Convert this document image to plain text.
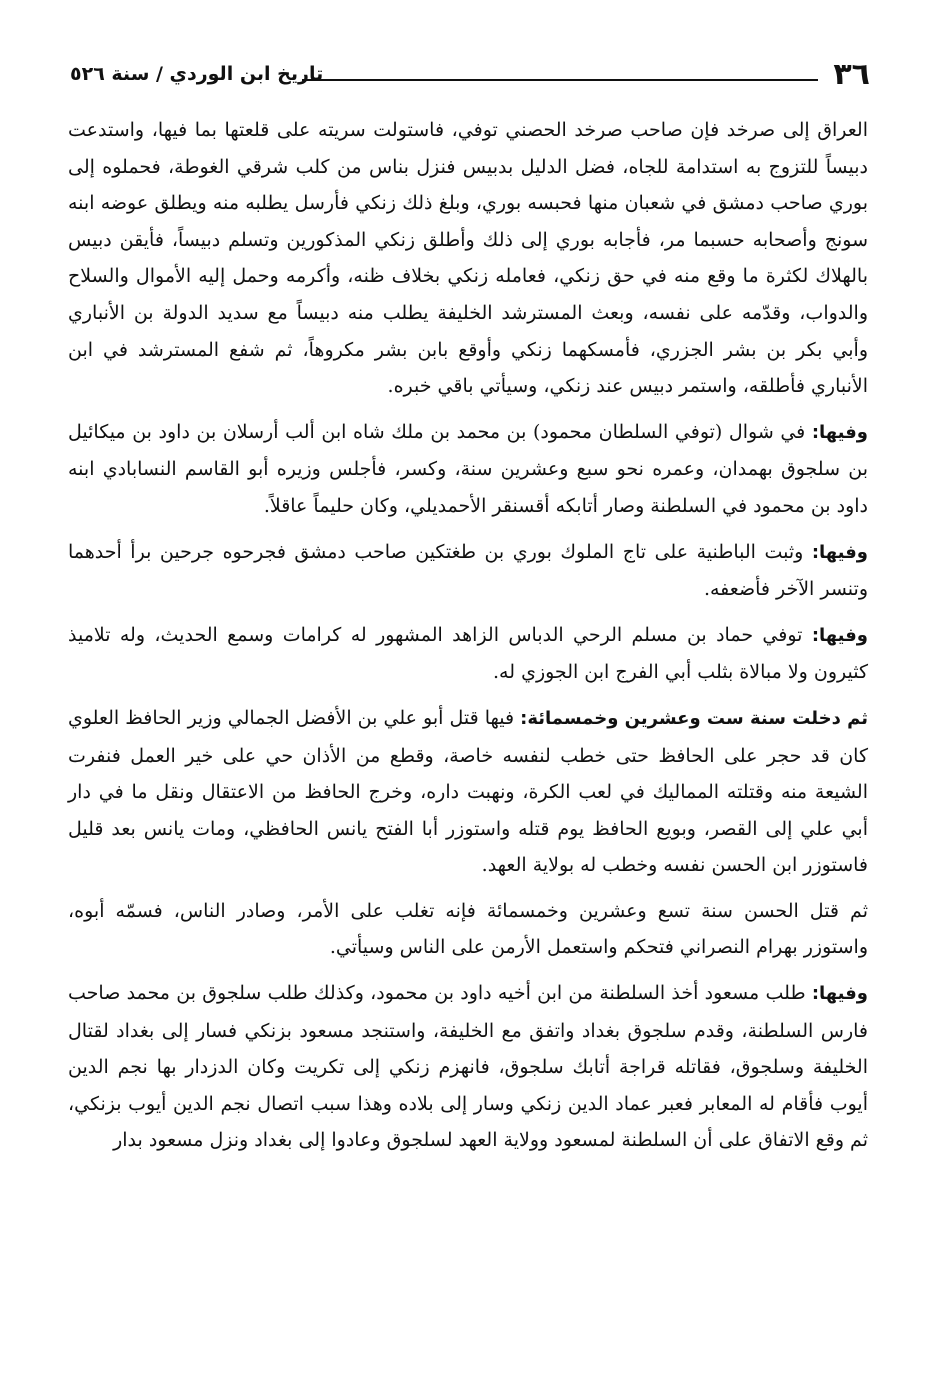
٣٦
تاريخ ابن الوردي / سنة ٥٢٦

العراق إلى صرخد فإن صاحب صرخد الحصني توفي، فاستولت سريته على قلعتها بما فيها، واستدعت دبيساً للتزوج به استدامة للجاه، فضل الدليل بدبيس فنزل بناس من كلب شرقي الغوطة، فحملوه إلى بوري صاحب دمشق في شعبان منها فحبسه بوري، وبلغ ذلك زنكي فأرسل يطلبه منه ويطلق عوضه ابنه سونج وأصحابه حسبما مر، فأجابه بوري إلى ذلك وأطلق زنكي المذكورين وتسلم دبيساً، فأيقن دبيس بالهلاك لكثرة ما وقع منه في حق زنكي، فعامله زنكي بخلاف ظنه، وأكرمه وحمل إليه الأموال والسلاح والدواب، وقدّمه على نفسه، وبعث المسترشد الخليفة يطلب منه دبيساً مع سديد الدولة بن الأنباري وأبي بكر بن بشر الجزري، فأمسكهما زنكي وأوقع بابن بشر مكروهاً، ثم شفع المسترشد في ابن الأنباري فأطلقه، واستمر دبيس عند زنكي، وسيأتي باقي خبره.

وفيها: في شوال (توفي السلطان محمود) بن محمد بن ملك شاه ابن ألب أرسلان بن داود بن ميكائيل بن سلجوق بهمدان، وعمره نحو سبع وعشرين سنة، وكسر، فأجلس وزيره أبو القاسم النسابادي ابنه داود بن محمود في السلطنة وصار أتابكه أقسنقر الأحمديلي، وكان حليماً عاقلاً.

وفيها: وثبت الباطنية على تاج الملوك بوري بن طغتكين صاحب دمشق فجرحوه جرحين برأ أحدهما وتنسر الآخر فأضعفه.

وفيها: توفي حماد بن مسلم الرحي الدباس الزاهد المشهور له كرامات وسمع الحديث، وله تلاميذ كثيرون ولا مبالاة بثلب أبي الفرج ابن الجوزي له.

ثم دخلت سنة ست وعشرين وخمسمائة: فيها قتل أبو علي بن الأفضل الجمالي وزير الحافظ العلوي كان قد حجر على الحافظ حتى خطب لنفسه خاصة، وقطع من الأذان حي على خير العمل فنفرت الشيعة منه وقتلته المماليك في لعب الكرة، ونهبت داره، وخرج الحافظ من الاعتقال ونقل ما في دار أبي علي إلى القصر، وبويع الحافظ يوم قتله واستوزر أبا الفتح يانس الحافظي، ومات يانس بعد قليل فاستوزر ابن الحسن نفسه وخطب له بولاية العهد.

ثم قتل الحسن سنة تسع وعشرين وخمسمائة فإنه تغلب على الأمر، وصادر الناس، فسمّه أبوه، واستوزر بهرام النصراني فتحكم واستعمل الأرمن على الناس وسيأتي.

وفيها: طلب مسعود أخذ السلطنة من ابن أخيه داود بن محمود، وكذلك طلب سلجوق بن محمد صاحب فارس السلطنة، وقدم سلجوق بغداد واتفق مع الخليفة، واستنجد مسعود بزنكي فسار إلى بغداد لقتال الخليفة وسلجوق، فقاتله قراجة أتابك سلجوق، فانهزم زنكي إلى تكريت وكان الدزدار بها نجم الدين أيوب فأقام له المعابر فعبر عماد الدين زنكي وسار إلى بلاده وهذا سبب اتصال نجم الدين أيوب بزنكي، ثم وقع الاتفاق على أن السلطنة لمسعود وولاية العهد لسلجوق وعادوا إلى بغداد ونزل مسعود بدار
